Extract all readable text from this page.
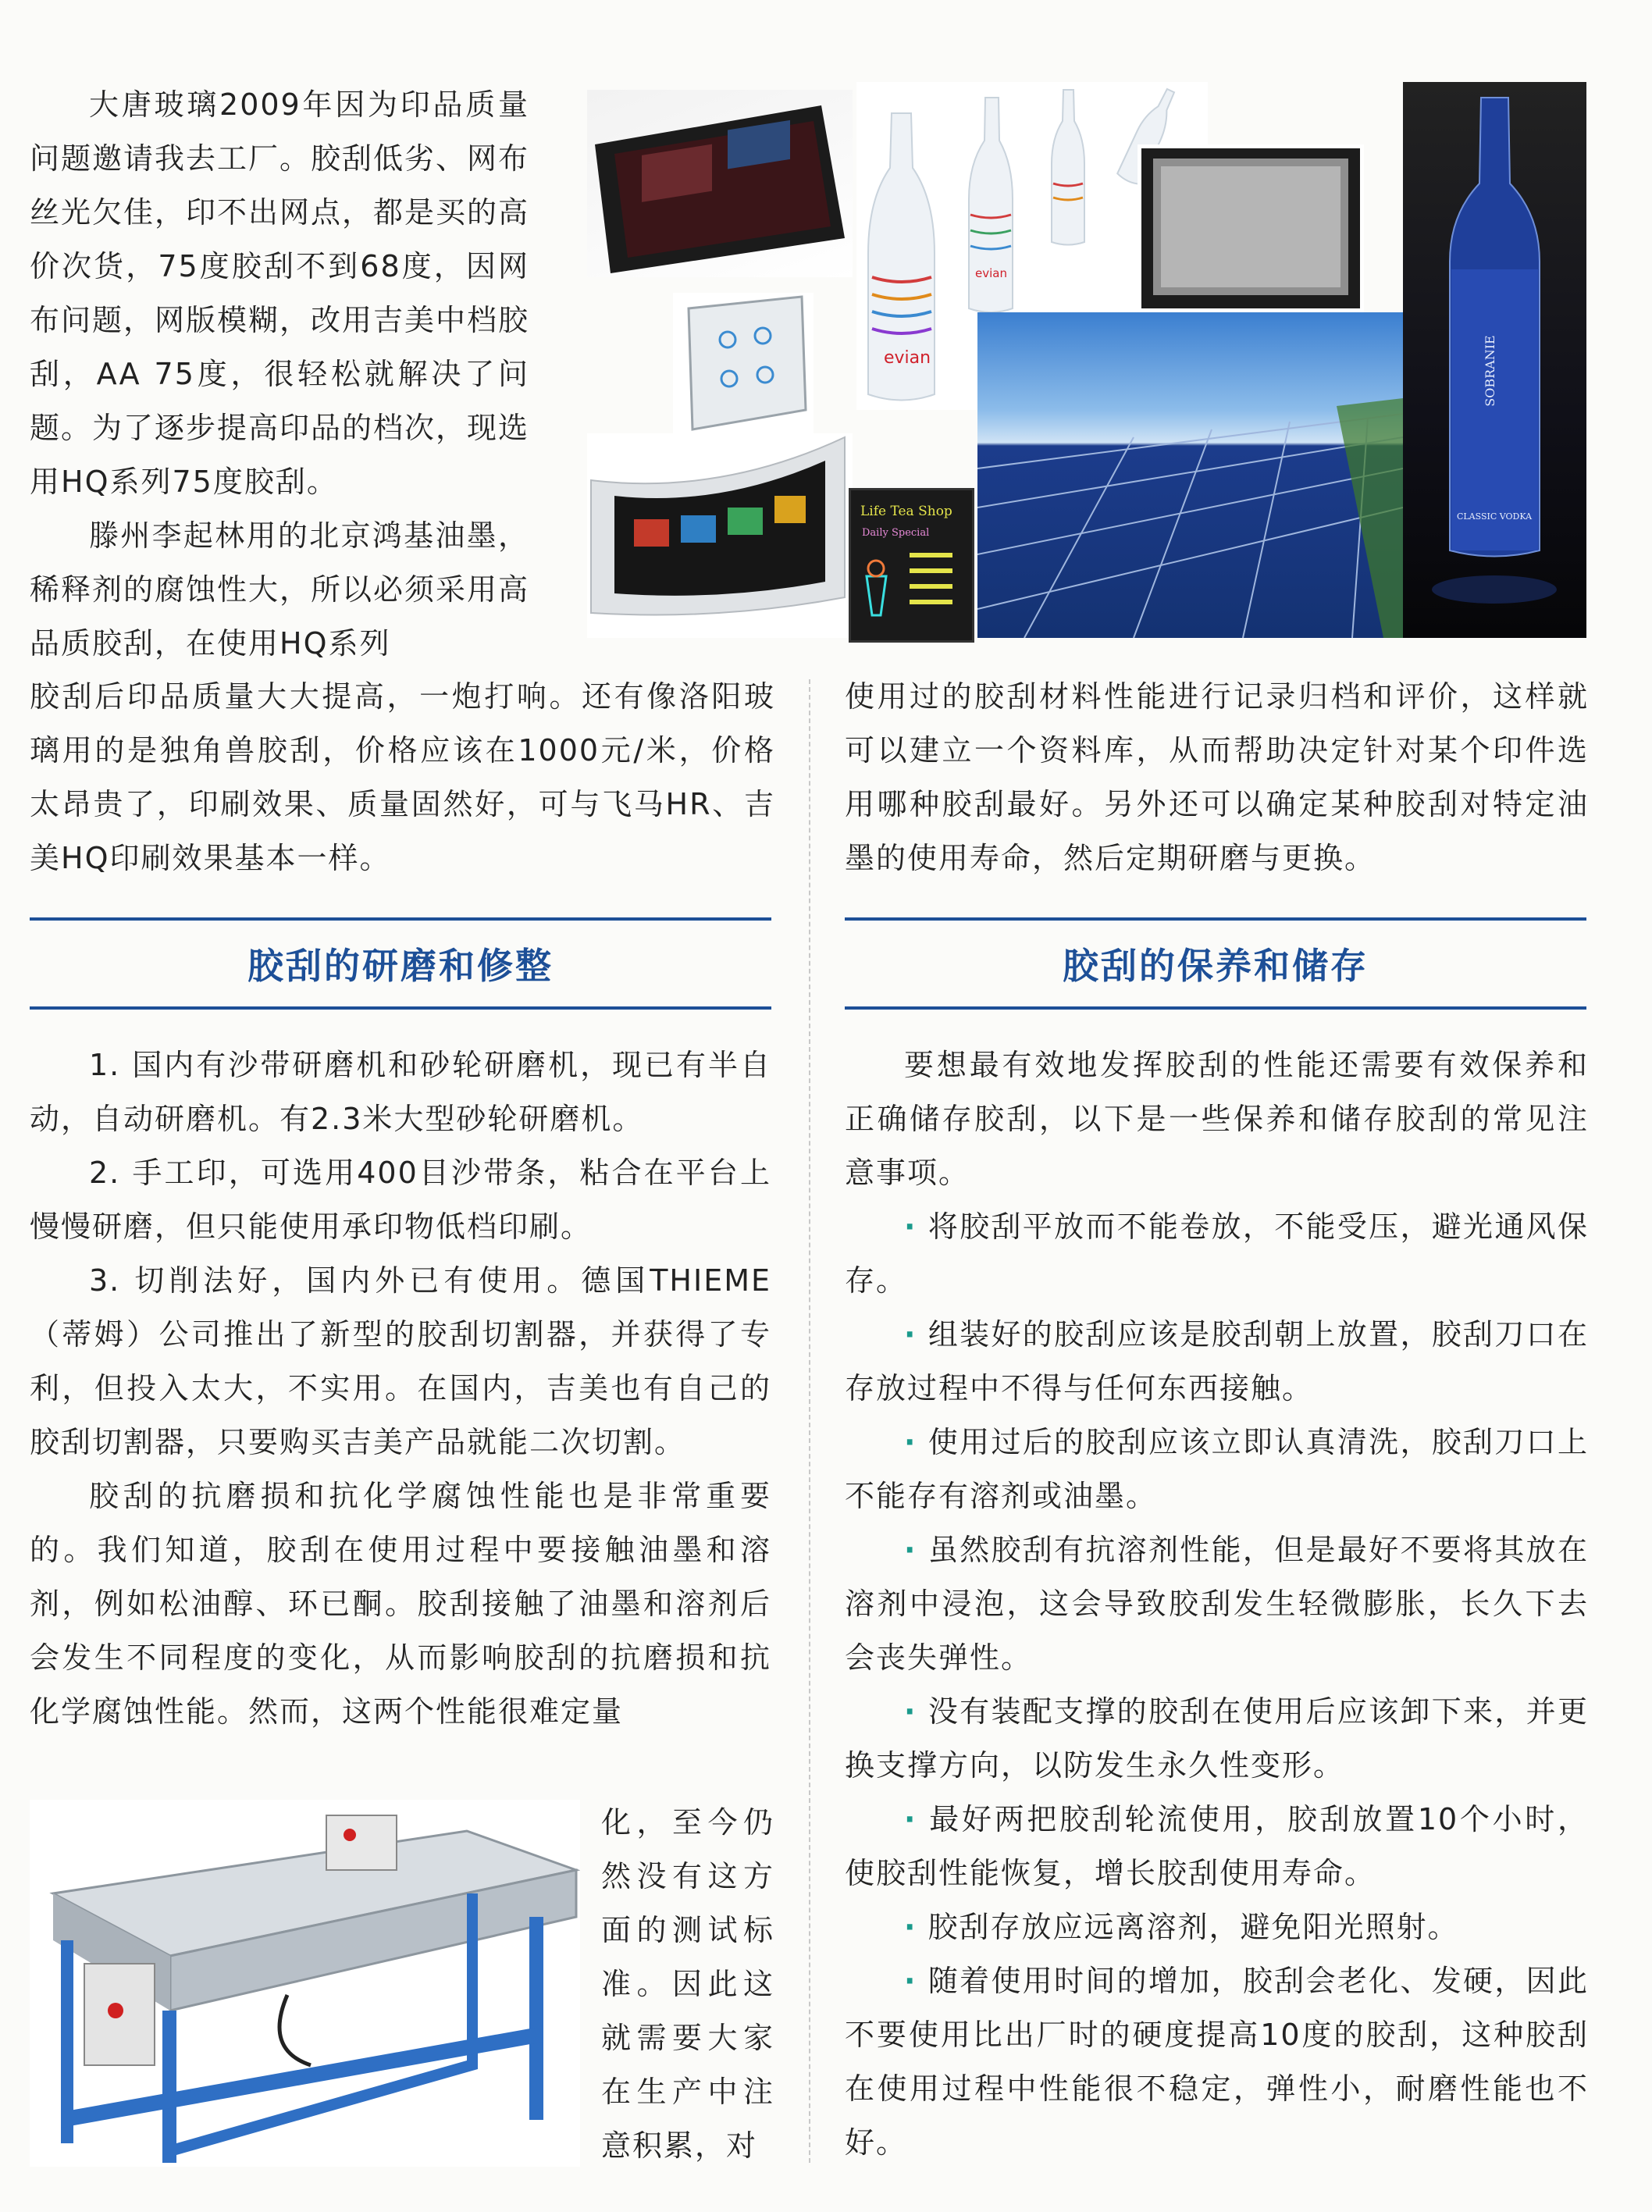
大唐玻璃2009年因为印品质量问题邀请我去工厂。胶刮低劣、网布丝光欠佳，印不出网点，都是买的高价次货，75度胶刮不到68度，因网布问题，网版模糊，改用吉美中档胶刮，AA 75度，很轻松就解决了问题。为了逐步提高印品的档次，现选用HQ系列75度胶刮。

滕州李起林用的北京鸿基油墨，稀释剂的腐蚀性大，所以必须采用高品质胶刮，在使用HQ系列

evian
evian
SOBRANIE
CLASSIC VODKA
Life Tea Shop
Daily Special

胶刮后印品质量大大提高，一炮打响。还有像洛阳玻璃用的是独角兽胶刮，价格应该在1000元/米，价格太昂贵了，印刷效果、质量固然好，可与飞马HR、吉美HQ印刷效果基本一样。

使用过的胶刮材料性能进行记录归档和评价，这样就可以建立一个资料库，从而帮助决定针对某个印件选用哪种胶刮最好。另外还可以确定某种胶刮对特定油墨的使用寿命，然后定期研磨与更换。

胶刮的研磨和修整	胶刮的保养和储存

1. 国内有沙带研磨机和砂轮研磨机，现已有半自动，自动研磨机。有2.3米大型砂轮研磨机。

2. 手工印，可选用400目沙带条，粘合在平台上慢慢研磨，但只能使用承印物低档印刷。

3. 切削法好，国内外已有使用。德国THIEME（蒂姆）公司推出了新型的胶刮切割器，并获得了专利，但投入太大，不实用。在国内，吉美也有自己的胶刮切割器，只要购买吉美产品就能二次切割。

胶刮的抗磨损和抗化学腐蚀性能也是非常重要的。我们知道，胶刮在使用过程中要接触油墨和溶剂，例如松油醇、环已酮。胶刮接触了油墨和溶剂后会发生不同程度的变化，从而影响胶刮的抗磨损和抗化学腐蚀性能。然而，这两个性能很难定量

化，至今仍然没有这方面的测试标准。因此这就需要大家在生产中注意积累，对

要想最有效地发挥胶刮的性能还需要有效保养和正确储存胶刮，以下是一些保养和储存胶刮的常见注意事项。

· 将胶刮平放而不能卷放，不能受压，避光通风保存。

· 组装好的胶刮应该是胶刮朝上放置，胶刮刀口在存放过程中不得与任何东西接触。

· 使用过后的胶刮应该立即认真清洗，胶刮刀口上不能存有溶剂或油墨。

· 虽然胶刮有抗溶剂性能，但是最好不要将其放在溶剂中浸泡，这会导致胶刮发生轻微膨胀，长久下去会丧失弹性。

· 没有装配支撑的胶刮在使用后应该卸下来，并更换支撑方向，以防发生永久性变形。

· 最好两把胶刮轮流使用，胶刮放置10个小时，使胶刮性能恢复，增长胶刮使用寿命。

· 胶刮存放应远离溶剂，避免阳光照射。

· 随着使用时间的增加，胶刮会老化、发硬，因此不要使用比出厂时的硬度提高10度的胶刮，这种胶刮在使用过程中性能很不稳定，弹性小，耐磨性能也不好。
